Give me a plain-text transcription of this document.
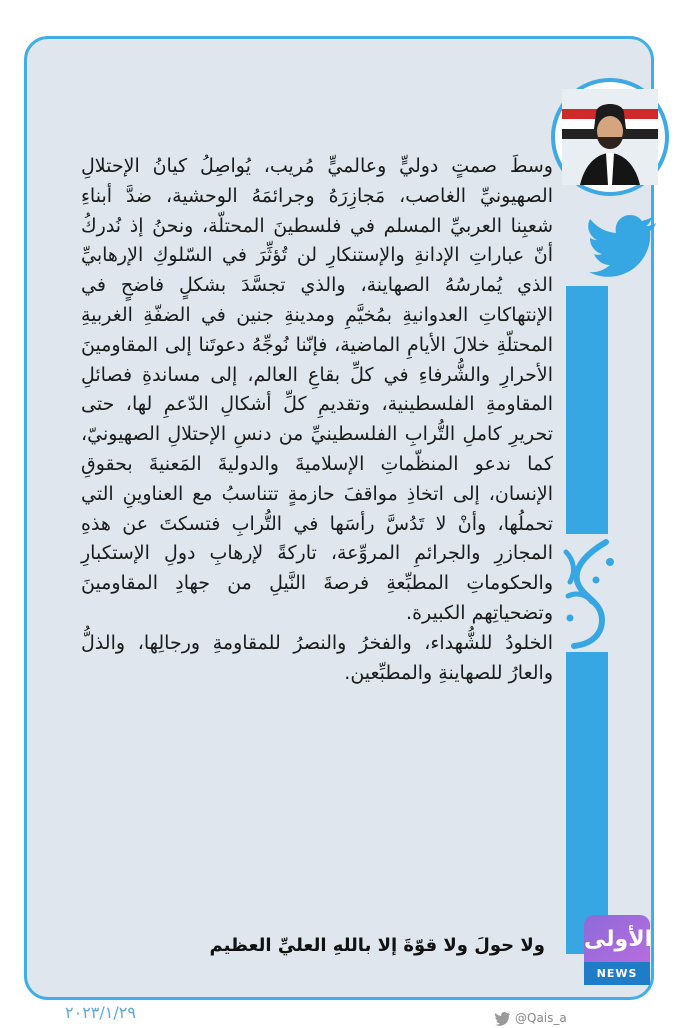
وسطَ صمتٍ دوليٍّ وعالميٍّ مُريب، يُواصِلُ كيانُ الإحتلالِ الصهيونيِّ الغاصب، مَجازِرَهُ وجرائمَهُ الوحشية، ضدَّ أبناءِ شعبِنا العربيِّ المسلم في فلسطينَ المحتلّة، ونحنُ إذ نُدركُ أنّ عباراتِ الإدانةِ والإستنكارِ لن تُؤثِّرَ في السّلوكِ الإرهابيِّ الذي يُمارسُهُ الصهاينة، والذي تجسَّدَ بشكلٍ فاضحٍ في الإنتهاكاتِ العدوانيةِ بمُخيَّمِ ومدينةِ جنين في الضفّةِ الغربيةِ المحتلّةِ خلالَ الأيامِ الماضية، فإنّنا نُوجِّهُ دعوتَنا إلى المقاومينَ الأحرارِ والشُّرفاءِ في كلِّ بقاعِ العالم، إلى مساندةِ فصائلِ المقاومةِ الفلسطينية، وتقديمِ كلِّ أشكالِ الدّعمِ لها، حتى تحريرِ كاملِ التُّرابِ الفلسطينيِّ من دنسِ الإحتلالِ الصهيونيّ، كما ندعو المنظّماتِ الإسلاميةَ والدوليةَ المَعنيةَ بحقوقِ الإنسان، إلى اتخاذِ مواقفَ حازمةٍ تتناسبُ مع العناوينِ التي تحملُها، وأنْ لا تَدُسَّ رأسَها في التُّرابِ فتسكتَ عن هذهِ المجازرِ والجرائمِ المروِّعة، تاركةً لإرهابِ دولِ الإستكبارِ والحكوماتِ المطبِّعةِ فرصةَ النَّيلِ من جهادِ المقاومينَ وتضحياتِهم الكبيرة.

الخلودُ للشُّهداء، والفخرُ والنصرُ للمقاومةِ ورجالِها، والذلُّ والعارُ للصهاينةِ والمطبِّعين.

ولا حولَ ولا قوّةَ إلا باللهِ العليِّ العظيم
٢٠٢٣/١/٢٩	@Qais_a
الأولى
NEWS
